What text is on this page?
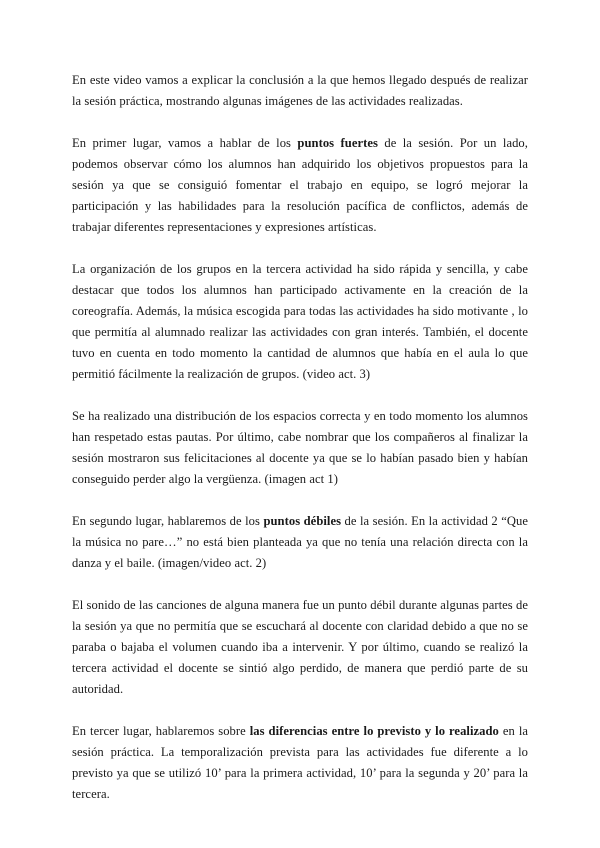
En este video vamos a explicar la conclusión a la que hemos llegado después de realizar la sesión práctica, mostrando algunas imágenes de las actividades realizadas.

En primer lugar, vamos a hablar de los puntos fuertes de la sesión. Por un lado, podemos observar cómo los alumnos han adquirido los objetivos propuestos para la sesión ya que se consiguió fomentar el trabajo en equipo, se logró mejorar la participación y las habilidades para la resolución pacífica de conflictos, además de trabajar diferentes representaciones y expresiones artísticas.

La organización de los grupos en la tercera actividad ha sido rápida y sencilla, y cabe destacar que todos los alumnos han participado activamente en la creación de la coreografía. Además, la música escogida para todas las actividades ha sido motivante , lo que permitía al alumnado realizar las actividades con gran interés. También, el docente tuvo en cuenta en todo momento la cantidad de alumnos que había en el aula lo que permitió fácilmente la realización de grupos. (video act. 3)

Se ha realizado una distribución de los espacios correcta y en todo momento los alumnos han respetado estas pautas. Por último, cabe nombrar que los compañeros al finalizar la sesión mostraron sus felicitaciones al docente ya que se lo habían pasado bien y habían conseguido perder algo la vergüenza. (imagen act 1)

En segundo lugar, hablaremos de los puntos débiles de la sesión. En la actividad 2 “Que la música no pare…” no está bien planteada ya que no tenía una relación directa con la danza y el baile. (imagen/video act. 2)

El sonido de las canciones de alguna manera fue un punto débil durante algunas partes de la sesión ya que no permitía que se escuchará al docente con claridad debido a que no se paraba o bajaba el volumen cuando iba a intervenir. Y por último, cuando se realizó la tercera actividad el docente se sintió algo perdido, de manera que perdió parte de su autoridad.

En tercer lugar, hablaremos sobre las diferencias entre lo previsto y lo realizado en la sesión práctica. La temporalización prevista para las actividades fue diferente a lo previsto ya que se utilizó 10’ para la primera actividad, 10’ para la segunda y 20’ para la tercera.
